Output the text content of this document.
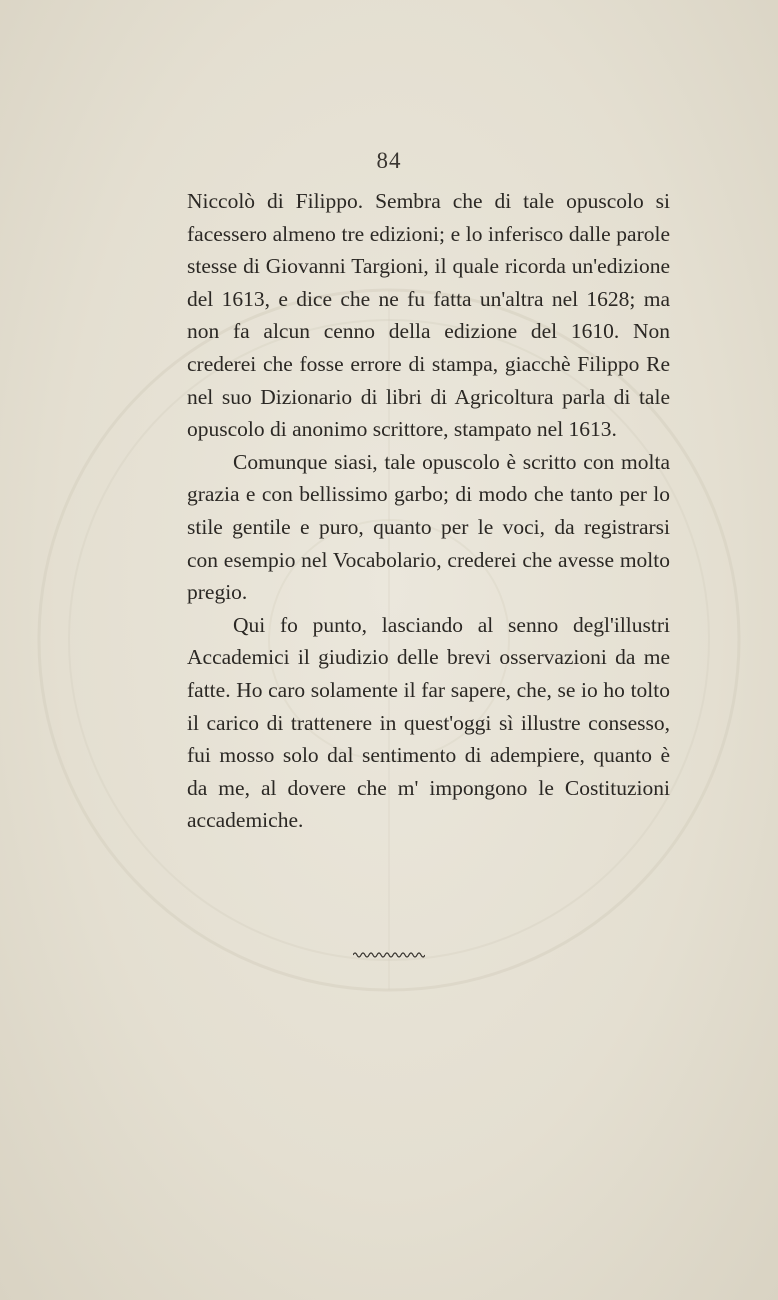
84

Niccolò di Filippo. Sembra che di tale opuscolo si facessero almeno tre edizioni; e lo inferisco dalle parole stesse di Giovanni Targioni, il quale ricorda un'edizione del 1613, e dice che ne fu fatta un'altra nel 1628; ma non fa alcun cenno della edizione del 1610. Non crederei che fosse errore di stampa, giacchè Filippo Re nel suo Dizionario di libri di Agricoltura parla di tale opuscolo di anonimo scrittore, stampato nel 1613.

Comunque siasi, tale opuscolo è scritto con molta grazia e con bellissimo garbo; di modo che tanto per lo stile gentile e puro, quanto per le voci, da registrarsi con esempio nel Vocabolario, crederei che avesse molto pregio.

Qui fo punto, lasciando al senno degl'illustri Accademici il giudizio delle brevi osservazioni da me fatte. Ho caro solamente il far sapere, che, se io ho tolto il carico di trattenere in quest'oggi sì illustre consesso, fui mosso solo dal sentimento di adempiere, quanto è da me, al dovere che m' impongono le Costituzioni accademiche.
